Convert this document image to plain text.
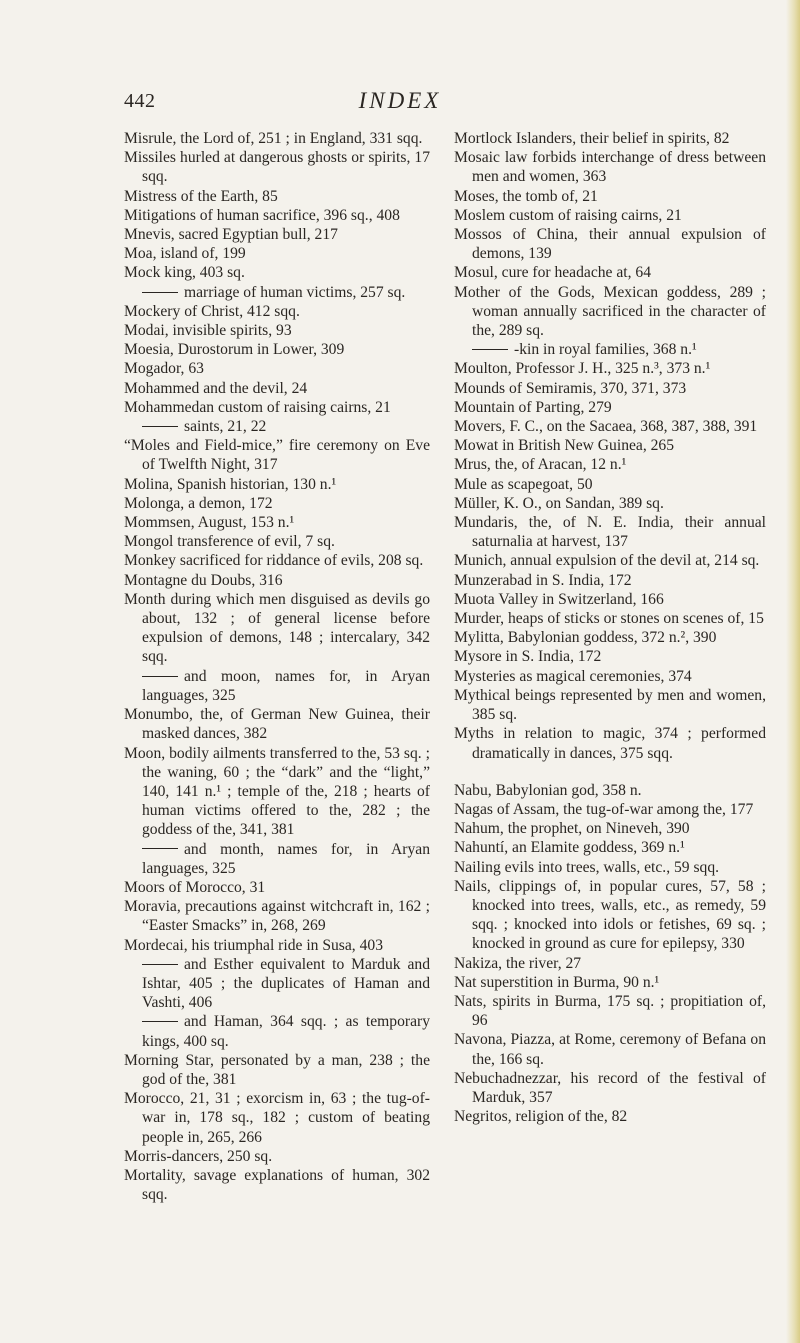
442	INDEX

Misrule, the Lord of, 251 ; in England, 331 sqq.

Missiles hurled at dangerous ghosts or spirits, 17 sqq.

Mistress of the Earth, 85

Mitigations of human sacrifice, 396 sq., 408

Mnevis, sacred Egyptian bull, 217

Moa, island of, 199

Mock king, 403 sq.

marriage of human victims, 257 sq.

Mockery of Christ, 412 sqq.

Modai, invisible spirits, 93

Moesia, Durostorum in Lower, 309

Mogador, 63

Mohammed and the devil, 24

Mohammedan custom of raising cairns, 21

saints, 21, 22

“Moles and Field-mice,” fire ceremony on Eve of Twelfth Night, 317

Molina, Spanish historian, 130 n.¹

Molonga, a demon, 172

Mommsen, August, 153 n.¹

Mongol transference of evil, 7 sq.

Monkey sacrificed for riddance of evils, 208 sq.

Montagne du Doubs, 316

Month during which men disguised as devils go about, 132 ; of general license before expulsion of demons, 148 ; intercalary, 342 sqq.

and moon, names for, in Aryan languages, 325

Monumbo, the, of German New Guinea, their masked dances, 382

Moon, bodily ailments transferred to the, 53 sq. ; the waning, 60 ; the “dark” and the “light,” 140, 141 n.¹ ; temple of the, 218 ; hearts of human victims offered to the, 282 ; the goddess of the, 341, 381

and month, names for, in Aryan languages, 325

Moors of Morocco, 31

Moravia, precautions against witchcraft in, 162 ; “Easter Smacks” in, 268, 269

Mordecai, his triumphal ride in Susa, 403

and Esther equivalent to Marduk and Ishtar, 405 ; the duplicates of Haman and Vashti, 406

and Haman, 364 sqq. ; as temporary kings, 400 sq.

Morning Star, personated by a man, 238 ; the god of the, 381

Morocco, 21, 31 ; exorcism in, 63 ; the tug-of-war in, 178 sq., 182 ; custom of beating people in, 265, 266

Morris-dancers, 250 sq.

Mortality, savage explanations of human, 302 sqq.

Mortlock Islanders, their belief in spirits, 82

Mosaic law forbids interchange of dress between men and women, 363

Moses, the tomb of, 21

Moslem custom of raising cairns, 21

Mossos of China, their annual expulsion of demons, 139

Mosul, cure for headache at, 64

Mother of the Gods, Mexican goddess, 289 ; woman annually sacrificed in the character of the, 289 sq.

-kin in royal families, 368 n.¹

Moulton, Professor J. H., 325 n.³, 373 n.¹

Mounds of Semiramis, 370, 371, 373

Mountain of Parting, 279

Movers, F. C., on the Sacaea, 368, 387, 388, 391

Mowat in British New Guinea, 265

Mrus, the, of Aracan, 12 n.¹

Mule as scapegoat, 50

Müller, K. O., on Sandan, 389 sq.

Mundaris, the, of N. E. India, their annual saturnalia at harvest, 137

Munich, annual expulsion of the devil at, 214 sq.

Munzerabad in S. India, 172

Muota Valley in Switzerland, 166

Murder, heaps of sticks or stones on scenes of, 15

Mylitta, Babylonian goddess, 372 n.², 390

Mysore in S. India, 172

Mysteries as magical ceremonies, 374

Mythical beings represented by men and women, 385 sq.

Myths in relation to magic, 374 ; performed dramatically in dances, 375 sqq.

Nabu, Babylonian god, 358 n.

Nagas of Assam, the tug-of-war among the, 177

Nahum, the prophet, on Nineveh, 390

Nahuntí, an Elamite goddess, 369 n.¹

Nailing evils into trees, walls, etc., 59 sqq.

Nails, clippings of, in popular cures, 57, 58 ; knocked into trees, walls, etc., as remedy, 59 sqq. ; knocked into idols or fetishes, 69 sq. ; knocked in ground as cure for epilepsy, 330

Nakiza, the river, 27

Nat superstition in Burma, 90 n.¹

Nats, spirits in Burma, 175 sq. ; propitiation of, 96

Navona, Piazza, at Rome, ceremony of Befana on the, 166 sq.

Nebuchadnezzar, his record of the festival of Marduk, 357

Negritos, religion of the, 82
